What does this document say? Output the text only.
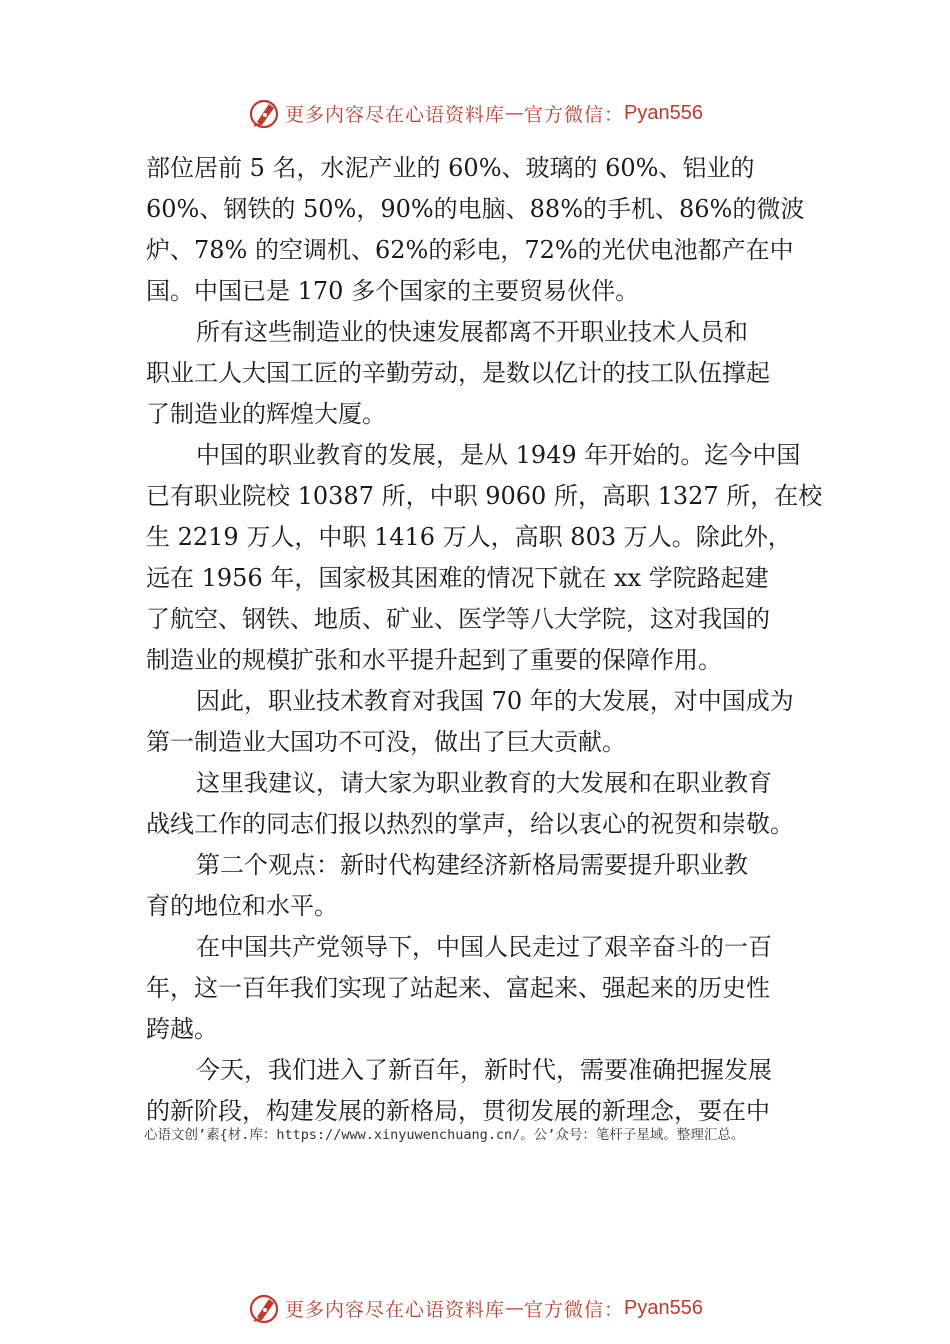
更多内容尽在心语资料库 — 官方微信： Pyan556
部位居前 5 名，水泥产业的 60%、玻璃的 60%、铝业的
60%、钢铁的 50%，90%的电脑、88%的手机、86%的微波
炉、78% 的空调机、62%的彩电，72%的光伏电池都产在中
国。中国已是 170 多个国家的主要贸易伙伴。
所有这些制造业的快速发展都离不开职业技术人员和
职业工人大国工匠的辛勤劳动，是数以亿计的技工队伍撑起
了制造业的辉煌大厦。
中国的职业教育的发展，是从 1949 年开始的。迄今中国
已有职业院校 10387 所，中职 9060 所，高职 1327 所，在校
生 2219 万人，中职 1416 万人，高职 803 万人。除此外，
远在 1956 年，国家极其困难的情况下就在 xx 学院路起建
了航空、钢铁、地质、矿业、医学等八大学院，这对我国的
制造业的规模扩张和水平提升起到了重要的保障作用。
因此，职业技术教育对我国 70 年的大发展，对中国成为
第一制造业大国功不可没，做出了巨大贡献。
这里我建议，请大家为职业教育的大发展和在职业教育
战线工作的同志们报以热烈的掌声，给以衷心的祝贺和崇敬。
第二个观点：新时代构建经济新格局需要提升职业教
育的地位和水平。
在中国共产党领导下，中国人民走过了艰辛奋斗的一百
年，这一百年我们实现了站起来、富起来、强起来的历史性
跨越。
今天，我们进入了新百年，新时代，需要准确把握发展
的新阶段，构建发展的新格局，贯彻发展的新理念，要在中
心语文创’素{材.库：https://www.xinyuwenchuang.cn/。公’众号：笔杆子星域。整理汇总。
更多内容尽在心语资料库 — 官方微信： Pyan556
